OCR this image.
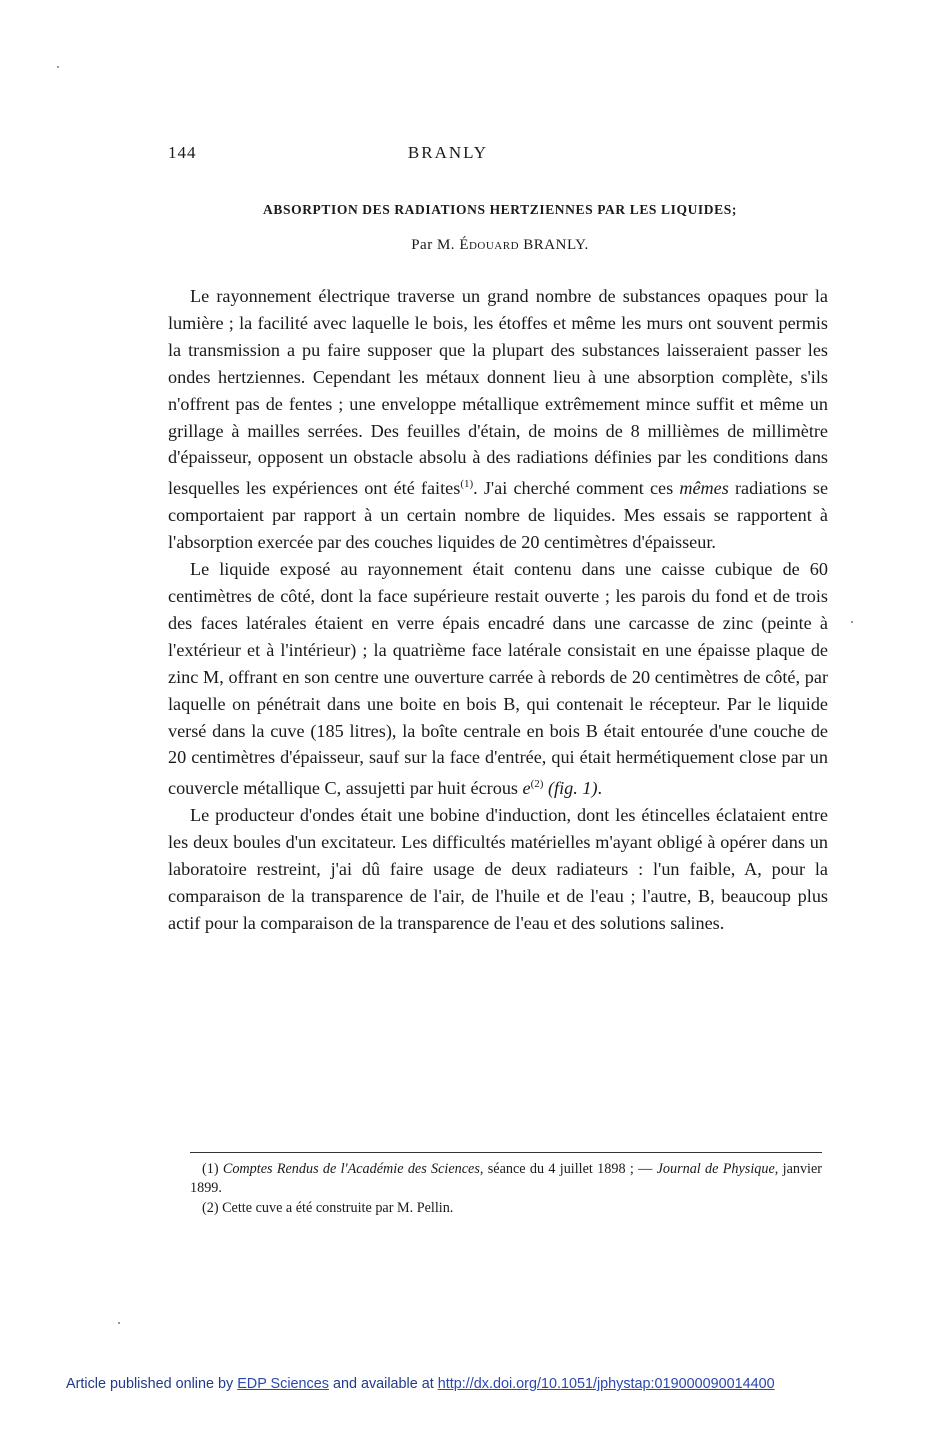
144	BRANLY
ABSORPTION DES RADIATIONS HERTZIENNES PAR LES LIQUIDES;
Par M. Édouard BRANLY.

Le rayonnement électrique traverse un grand nombre de substances opaques pour la lumière ; la facilité avec laquelle le bois, les étoffes et même les murs ont souvent permis la transmission a pu faire supposer que la plupart des substances laisseraient passer les ondes hertziennes. Cependant les métaux donnent lieu à une absorption complète, s'ils n'offrent pas de fentes ; une enveloppe métallique extrêmement mince suffit et même un grillage à mailles serrées. Des feuilles d'étain, de moins de 8 millièmes de millimètre d'épaisseur, opposent un obstacle absolu à des radiations définies par les conditions dans lesquelles les expériences ont été faites$^{(1)}$. J'ai cherché comment ces mêmes radiations se comportaient par rapport à un certain nombre de liquides. Mes essais se rapportent à l'absorption exercée par des couches liquides de 20 centimètres d'épaisseur.

Le liquide exposé au rayonnement était contenu dans une caisse cubique de 60 centimètres de côté, dont la face supérieure restait ouverte ; les parois du fond et de trois des faces latérales étaient en verre épais encadré dans une carcasse de zinc (peinte à l'extérieur et à l'intérieur) ; la quatrième face latérale consistait en une épaisse plaque de zinc M, offrant en son centre une ouverture carrée à rebords de 20 centimètres de côté, par laquelle on pénétrait dans une boite en bois B, qui contenait le récepteur. Par le liquide versé dans la cuve (185 litres), la boîte centrale en bois B était entourée d'une couche de 20 centimètres d'épaisseur, sauf sur la face d'entrée, qui était hermétiquement close par un couvercle métallique C, assujetti par huit écrous $e^{(2)}$ (fig. 1).

Le producteur d'ondes était une bobine d'induction, dont les étincelles éclataient entre les deux boules d'un excitateur. Les difficultés matérielles m'ayant obligé à opérer dans un laboratoire restreint, j'ai dû faire usage de deux radiateurs : l'un faible, A, pour la comparaison de la transparence de l'air, de l'huile et de l'eau ; l'autre, B, beaucoup plus actif pour la comparaison de la transparence de l'eau et des solutions salines.

(1) Comptes Rendus de l'Académie des Sciences, séance du 4 juillet 1898 ; — Journal de Physique, janvier 1899.

(2) Cette cuve a été construite par M. Pellin.

Article published online by EDP Sciences and available at http://dx.doi.org/10.1051/jphystap:019000090014400
